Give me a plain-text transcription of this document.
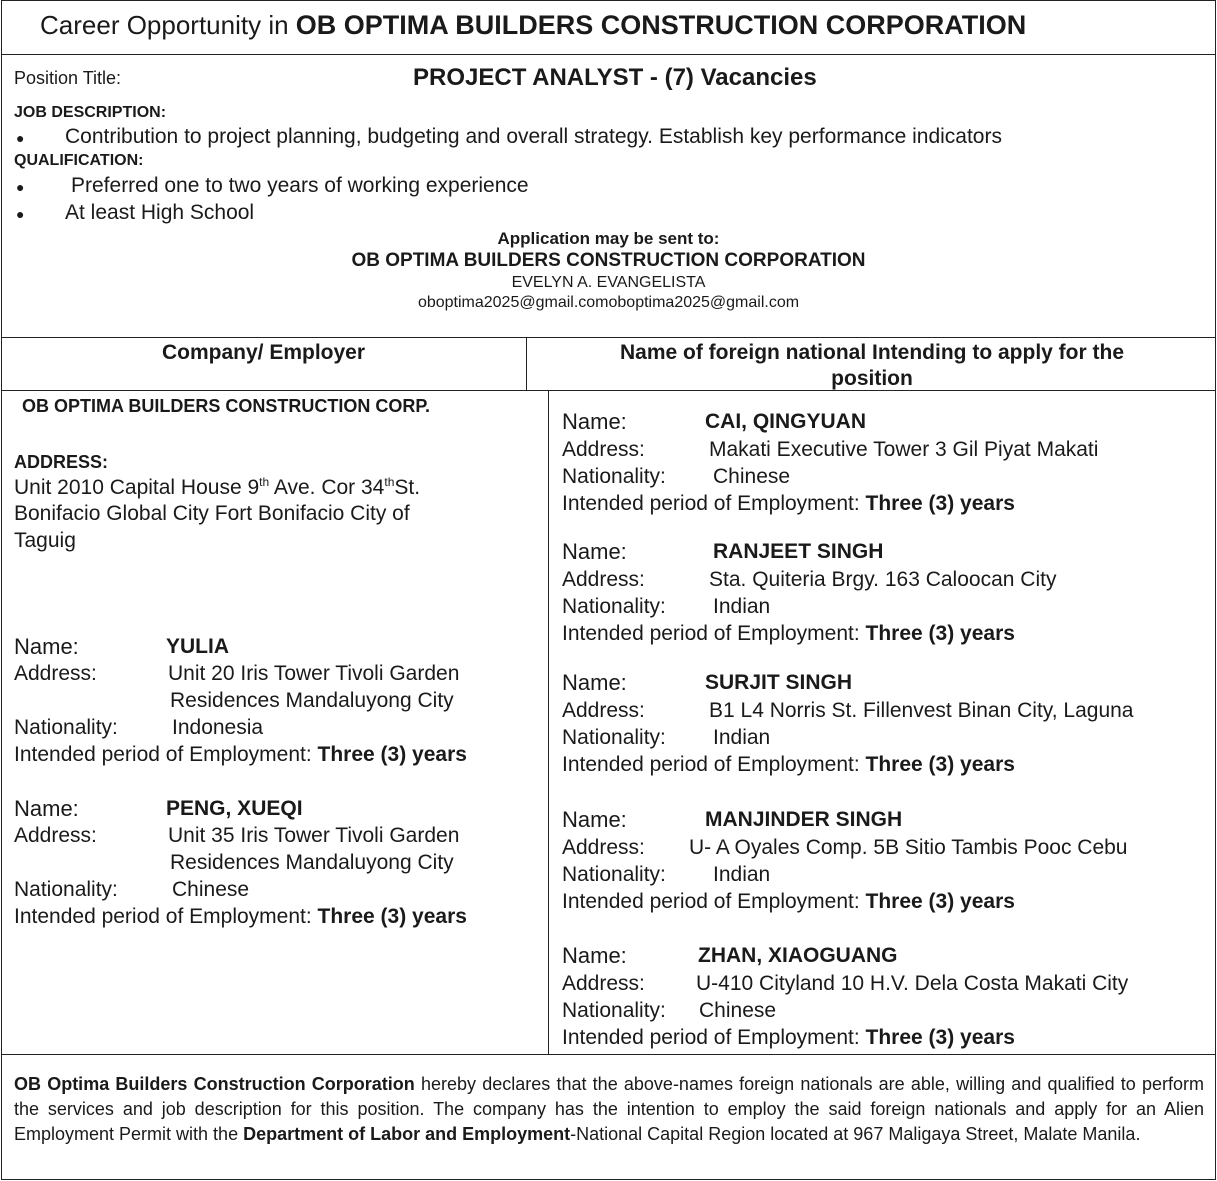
Career Opportunity in OB OPTIMA BUILDERS CONSTRUCTION CORPORATION
Position Title:	PROJECT ANALYST - (7) Vacancies
JOB DESCRIPTION:
● Contribution to project planning, budgeting and overall strategy. Establish key performance indicators
QUALIFICATION:
● Preferred one to two years of working experience
● At least High School
Application may be sent to:
OB OPTIMA BUILDERS CONSTRUCTION CORPORATION
EVELYN A. EVANGELISTA
oboptima2025@gmail.comoboptima2025@gmail.com
Company/ Employer	Name of foreign national Intending to apply for the
position
OB OPTIMA BUILDERS CONSTRUCTION CORP.
ADDRESS:
Unit 2010 Capital House 9th Ave. Cor 34thSt.
Bonifacio Global City Fort Bonifacio City of
Taguig
Name:	YULIA
Address:	Unit 20 Iris Tower Tivoli Garden
Residences Mandaluyong City
Nationality:	Indonesia
Intended period of Employment: Three (3) years
Name:	PENG, XUEQI
Address:	Unit 35 Iris Tower Tivoli Garden
Residences Mandaluyong City
Nationality:	Chinese
Intended period of Employment: Three (3) years
Name:	CAI, QINGYUAN
Address:	Makati Executive Tower 3 Gil Piyat Makati
Nationality: Chinese
Intended period of Employment: Three (3) years
Name:	RANJEET SINGH
Address:	Sta. Quiteria Brgy. 163 Caloocan City
Nationality: Indian
Intended period of Employment: Three (3) years
Name:	SURJIT SINGH
Address:	B1 L4 Norris St. Fillenvest Binan City, Laguna
Nationality: Indian
Intended period of Employment: Three (3) years
Name:	MANJINDER SINGH
Address: U- A Oyales Comp. 5B Sitio Tambis Pooc Cebu
Nationality: Indian
Intended period of Employment: Three (3) years
Name:	ZHAN, XIAOGUANG
Address: U-410 Cityland 10 H.V. Dela Costa Makati City
Nationality: Chinese
Intended period of Employment: Three (3) years
OB Optima Builders Construction Corporation hereby declares that the above-names foreign nationals are able, willing and qualified to perform the services and job description for this position. The company has the intention to employ the said foreign nationals and apply for an Alien Employment Permit with the Department of Labor and Employment-National Capital Region located at 967 Maligaya Street, Malate Manila.
